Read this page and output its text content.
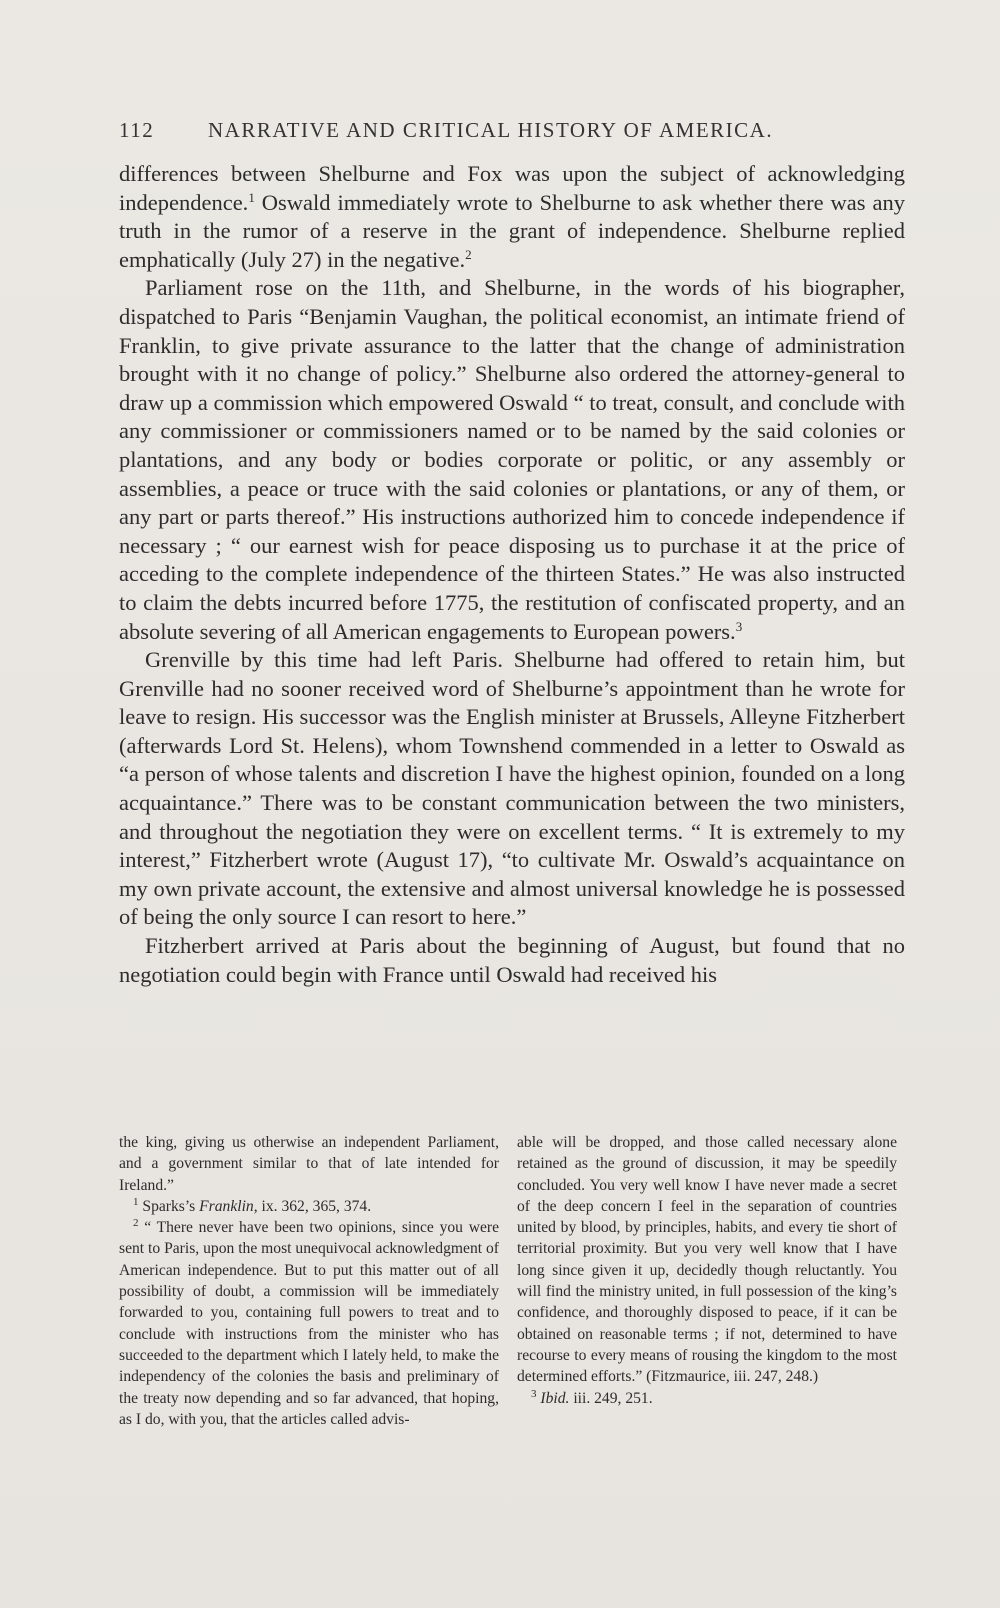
112	NARRATIVE AND CRITICAL HISTORY OF AMERICA.

differences between Shelburne and Fox was upon the subject of acknowledging independence.$^1$ Oswald immediately wrote to Shelburne to ask whether there was any truth in the rumor of a reserve in the grant of independence. Shelburne replied emphatically (July 27) in the negative.$^2$

Parliament rose on the 11th, and Shelburne, in the words of his biographer, dispatched to Paris “Benjamin Vaughan, the political economist, an intimate friend of Franklin, to give private assurance to the latter that the change of administration brought with it no change of policy.” Shelburne also ordered the attorney-general to draw up a commission which empowered Oswald “ to treat, consult, and conclude with any commissioner or commissioners named or to be named by the said colonies or plantations, and any body or bodies corporate or politic, or any assembly or assemblies, a peace or truce with the said colonies or plantations, or any of them, or any part or parts thereof.” His instructions authorized him to concede independence if necessary ; “ our earnest wish for peace disposing us to purchase it at the price of acceding to the complete independence of the thirteen States.” He was also instructed to claim the debts incurred before 1775, the restitution of confiscated property, and an absolute severing of all American engagements to European powers.$^3$

Grenville by this time had left Paris. Shelburne had offered to retain him, but Grenville had no sooner received word of Shelburne’s appointment than he wrote for leave to resign. His successor was the English minister at Brussels, Alleyne Fitzherbert (afterwards Lord St. Helens), whom Townshend commended in a letter to Oswald as “a person of whose talents and discretion I have the highest opinion, founded on a long acquaintance.” There was to be constant communication between the two ministers, and throughout the negotiation they were on excellent terms. “ It is extremely to my interest,” Fitzherbert wrote (August 17), “to cultivate Mr. Oswald’s acquaintance on my own private account, the extensive and almost universal knowledge he is possessed of being the only source I can resort to here.”

Fitzherbert arrived at Paris about the beginning of August, but found that no negotiation could begin with France until Oswald had received his

the king, giving us otherwise an independent Parliament, and a government similar to that of late intended for Ireland.”

$^1$ Sparks’s Franklin, ix. 362, 365, 374.

$^2$ “ There never have been two opinions, since you were sent to Paris, upon the most unequivocal acknowledgment of American independence. But to put this matter out of all possibility of doubt, a commission will be immediately forwarded to you, containing full powers to treat and to conclude with instructions from the minister who has succeeded to the department which I lately held, to make the independency of the colonies the basis and preliminary of the treaty now depending and so far advanced, that hoping, as I do, with you, that the articles called advis-

able will be dropped, and those called necessary alone retained as the ground of discussion, it may be speedily concluded. You very well know I have never made a secret of the deep concern I feel in the separation of countries united by blood, by principles, habits, and every tie short of territorial proximity. But you very well know that I have long since given it up, decidedly though reluctantly. You will find the ministry united, in full possession of the king’s confidence, and thoroughly disposed to peace, if it can be obtained on reasonable terms ; if not, determined to have recourse to every means of rousing the kingdom to the most determined efforts.” (Fitzmaurice, iii. 247, 248.)

$^3$ Ibid. iii. 249, 251.
